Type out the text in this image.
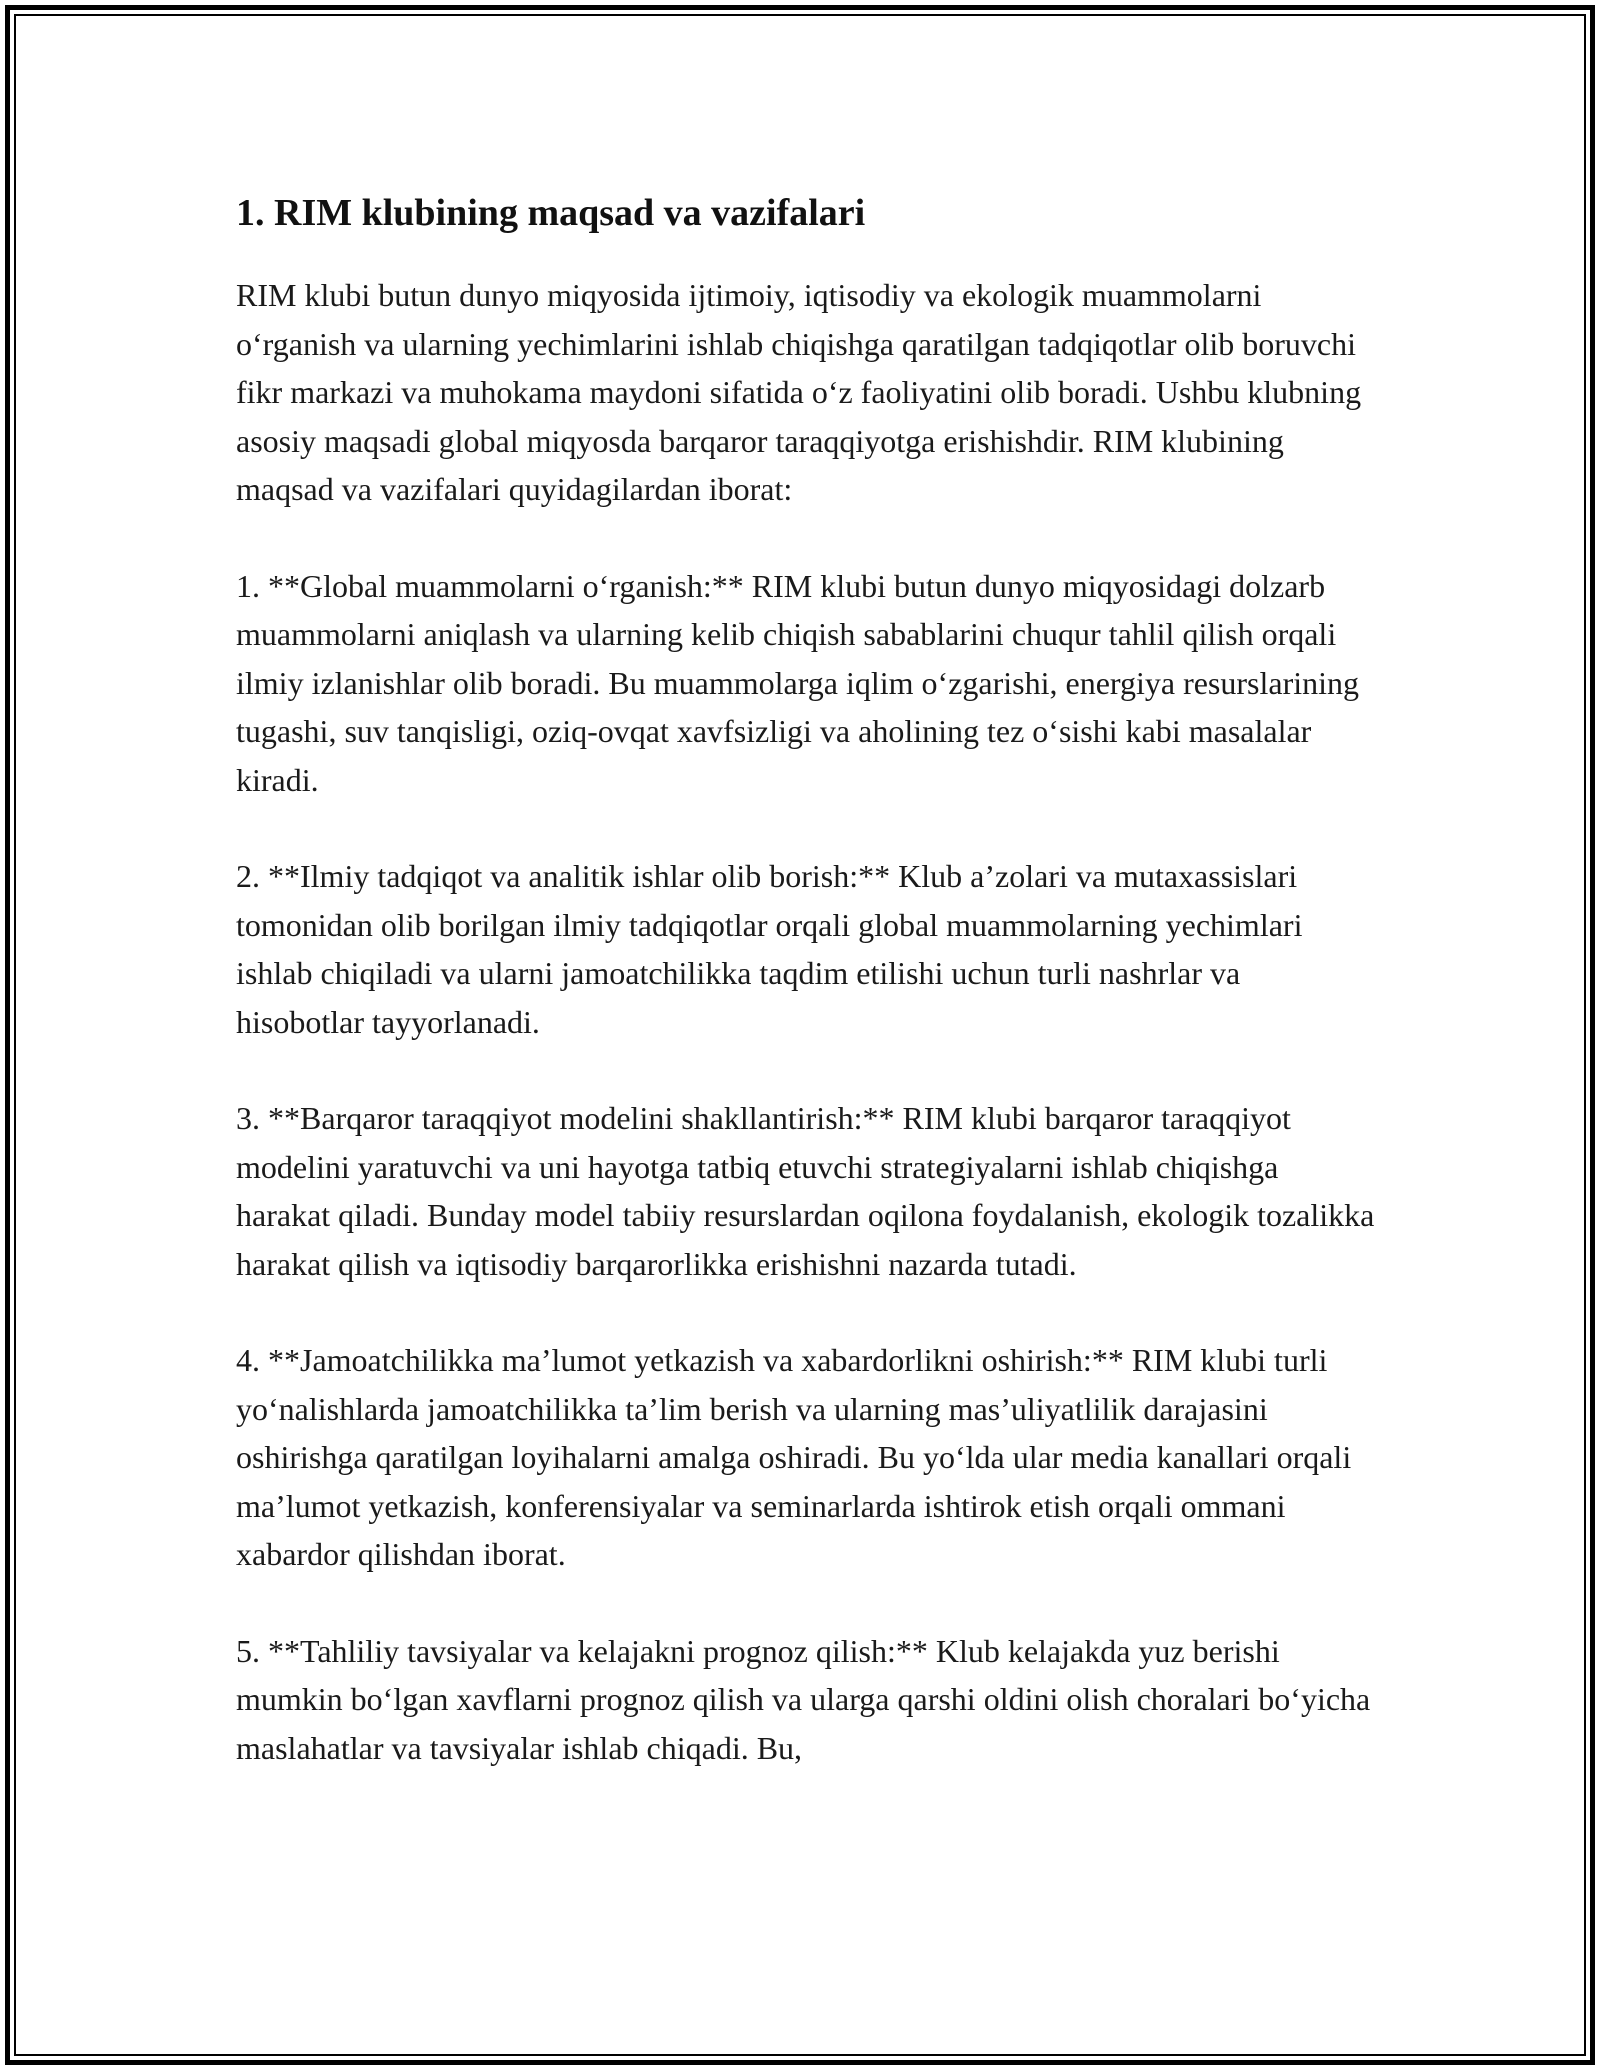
1. RIM klubining maqsad va vazifalari

RIM klubi butun dunyo miqyosida ijtimoiy, iqtisodiy va ekologik muammolarni o‘rganish va ularning yechimlarini ishlab chiqishga qaratilgan tadqiqotlar olib boruvchi fikr markazi va muhokama maydoni sifatida o‘z faoliyatini olib boradi. Ushbu klubning asosiy maqsadi global miqyosda barqaror taraqqiyotga erishishdir. RIM klubining maqsad va vazifalari quyidagilardan iborat:

1. **Global muammolarni o‘rganish:** RIM klubi butun dunyo miqyosidagi dolzarb muammolarni aniqlash va ularning kelib chiqish sabablarini chuqur tahlil qilish orqali ilmiy izlanishlar olib boradi. Bu muammolarga iqlim o‘zgarishi, energiya resurslarining tugashi, suv tanqisligi, oziq-ovqat xavfsizligi va aholining tez o‘sishi kabi masalalar kiradi.

2. **Ilmiy tadqiqot va analitik ishlar olib borish:** Klub a’zolari va mutaxassislari tomonidan olib borilgan ilmiy tadqiqotlar orqali global muammolarning yechimlari ishlab chiqiladi va ularni jamoatchilikka taqdim etilishi uchun turli nashrlar va hisobotlar tayyorlanadi.

3. **Barqaror taraqqiyot modelini shakllantirish:** RIM klubi barqaror taraqqiyot modelini yaratuvchi va uni hayotga tatbiq etuvchi strategiyalarni ishlab chiqishga harakat qiladi. Bunday model tabiiy resurslardan oqilona foydalanish, ekologik tozalikka harakat qilish va iqtisodiy barqarorlikka erishishni nazarda tutadi.

4. **Jamoatchilikka ma’lumot yetkazish va xabardorlikni oshirish:** RIM klubi turli yo‘nalishlarda jamoatchilikka ta’lim berish va ularning mas’uliyatlilik darajasini oshirishga qaratilgan loyihalarni amalga oshiradi. Bu yo‘lda ular media kanallari orqali ma’lumot yetkazish, konferensiyalar va seminarlarda ishtirok etish orqali ommani xabardor qilishdan iborat.

5. **Tahliliy tavsiyalar va kelajakni prognoz qilish:** Klub kelajakda yuz berishi mumkin bo‘lgan xavflarni prognoz qilish va ularga qarshi oldini olish choralari bo‘yicha maslahatlar va tavsiyalar ishlab chiqadi. Bu,
